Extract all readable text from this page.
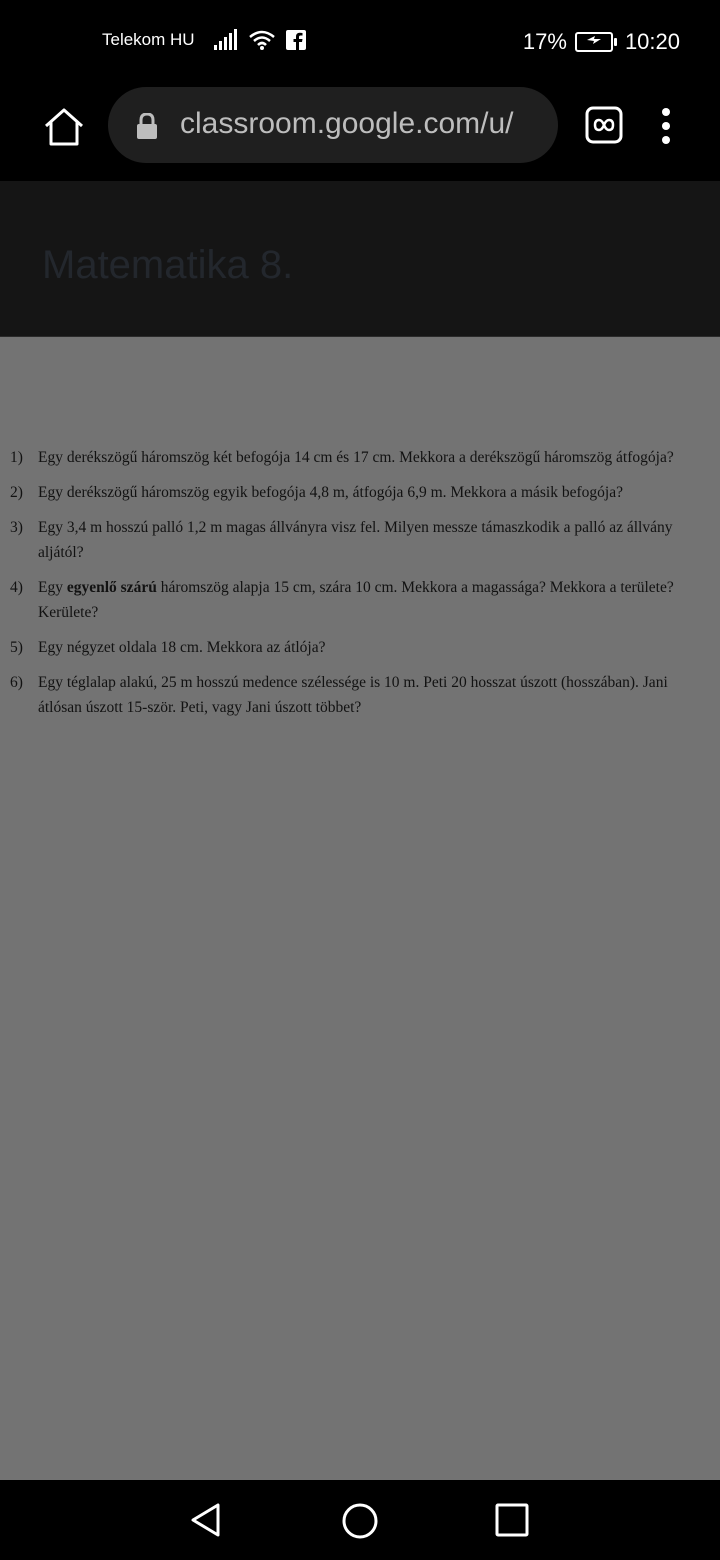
Telekom HU	17%	10:20
classroom.google.com/u/
Matematika 8.
1) Egy derékszögű háromszög két befogója 14 cm és 17 cm. Mekkora a derékszögű háromszög átfogója?
2) Egy derékszögű háromszög egyik befogója 4,8 m, átfogója 6,9 m. Mekkora a másik befogója?
3) Egy 3,4 m hosszú palló 1,2 m magas állványra visz fel. Milyen messze támaszkodik a palló az állvány aljától?
4) Egy egyenlő szárú háromszög alapja 15 cm, szára 10 cm. Mekkora a magassága? Mekkora a területe? Kerülete?
5) Egy négyzet oldala 18 cm. Mekkora az átlója?
6) Egy téglalap alakú, 25 m hosszú medence szélessége is 10 m. Peti 20 hosszat úszott (hosszában). Jani átlósan úszott 15-ször. Peti, vagy Jani úszott többet?
